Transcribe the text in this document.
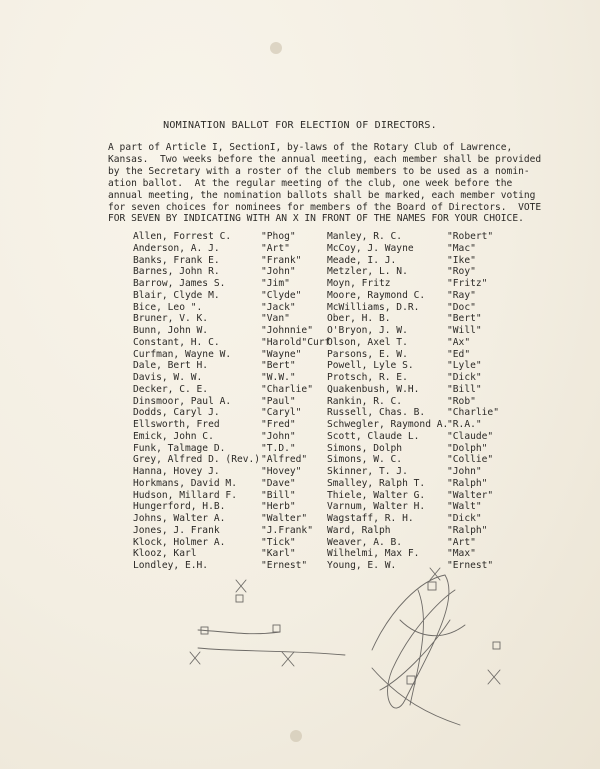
NOMINATION BALLOT FOR ELECTION OF DIRECTORS.
A part of Article I, SectionI, by-laws of the Rotary Club of Lawrence,
Kansas.  Two weeks before the annual meeting, each member shall be provided
by the Secretary with a roster of the club members to be used as a nomin-
ation ballot.  At the regular meeting of the club, one week before the
annual meeting, the nomination ballots shall be marked, each member voting
for seven choices for nominees for members of the Board of Directors.  VOTE
FOR SEVEN BY INDICATING WITH AN X IN FRONT OF THE NAMES FOR YOUR CHOICE.
Allen, Forrest C.	"Phog"
Anderson, A. J.	"Art"
Banks, Frank E.	"Frank"
Barnes, John R.	"John"
Barrow, James S.	"Jim"
Blair, Clyde M.	"Clyde"
Bice, Leo ".	"Jack"
Bruner, V. K.	"Van"
Bunn, John W.	"Johnnie"
Constant, H. C.	"Harold"Curf
Curfman, Wayne W.	"Wayne"
Dale, Bert H.	"Bert"
Davis, W. W.	"W.W."
Decker, C. E.	"Charlie"
Dinsmoor, Paul A.	"Paul"
Dodds, Caryl J.	"Caryl"
Ellsworth, Fred	"Fred"
Emick, John C.	"John"
Funk, Talmage D.	"T.D."
Grey, Alfred D. (Rev.)"Alfred"
Hanna, Hovey J.	"Hovey"
Horkmans, David M.	"Dave"
Hudson, Millard F.	"Bill"
Hungerford, H.B.	"Herb"
Johns, Walter A.	"Walter"
Jones, J. Frank	"J.Frank"
Klock, Holmer A.	"Tick"
Klooz, Karl	"Karl"
Londley, E.H.	"Ernest"
Manley, R. C.	"Robert"
McCoy, J. Wayne	"Mac"
Meade, I. J.	"Ike"
Metzler, L. N.	"Roy"
Moyn, Fritz	"Fritz"
Moore, Raymond C. "Ray"
McWilliams, D.R.	"Doc"
Ober, H. B.	"Bert"
O'Bryon, J. W.	"Will"
Olson, Axel T.	"Ax"
Parsons, E. W.	"Ed"
Powell, Lyle S.	"Lyle"
Protsch, R. E.	"Dick"
Quakenbush, W.H.	"Bill"
Rankin, R. C.	"Rob"
Russell, Chas. B. "Charlie"
Schwegler, Raymond A."R.A."
Scott, Claude L.	"Claude"
Simons, Dolph	"Dolph"
Simons, W. C.	"Collie"
Skinner, T. J.	"John"
Smalley, Ralph T. "Ralph"
Thiele, Walter G. "Walter"
Varnum, Walter H. "Walt"
Wagstaff, R. H.	"Dick"
Ward, Ralph	"Ralph"
Weaver, A. B.	"Art"
Wilhelmi, Max F.	"Max"
Young, E. W.	"Ernest"
